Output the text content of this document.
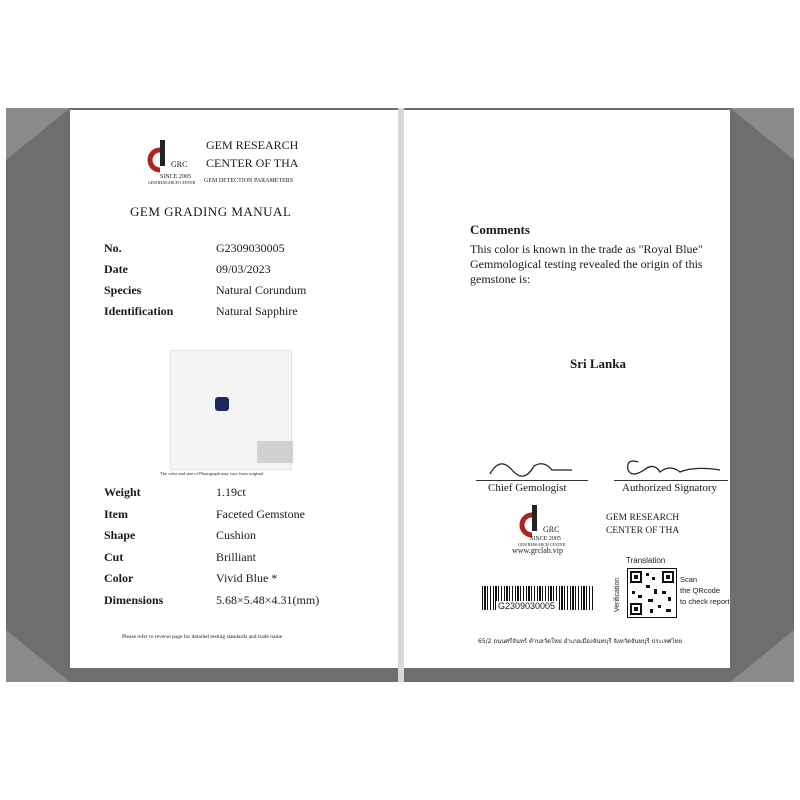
GRC
SINCE 2005
GEM RESEARCH CENTER
GEM RESEARCH
CENTER OF THA
GEM DETECTION PARAMETERS
GEM GRADING MANUAL
No.	G2309030005
Date	09/03/2023
Species	Natural Corundum
Identification	Natural Sapphire
The color and size of Photograph may vary from original.
Weight	1.19ct
Item	Faceted Gemstone
Shape	Cushion
Cut	Brilliant
Color	Vivid Blue *
Dimensions	5.68×5.48×4.31(mm)
Please refer to reverse page for detailed testing standards and trade name
Comments
This color is known in the trade as "Royal Blue"
Gemmological testing revealed the origin of this
gemstone is:
Sri Lanka
Chief Gemologist	Authorized Signatory
GRC
SINCE 2005
GEM RESEARCH CENTER
www.grclab.vip
GEM RESEARCH
CENTER OF THA
Translation
Verification	Scan
the QRcode
to check report
G2309030005
65/2 ถนนศรีจันทร์ ตำบลวัดใหม่ อำเภอเมืองจันทบุรี จังหวัดจันทบุรี ประเทศไทย
